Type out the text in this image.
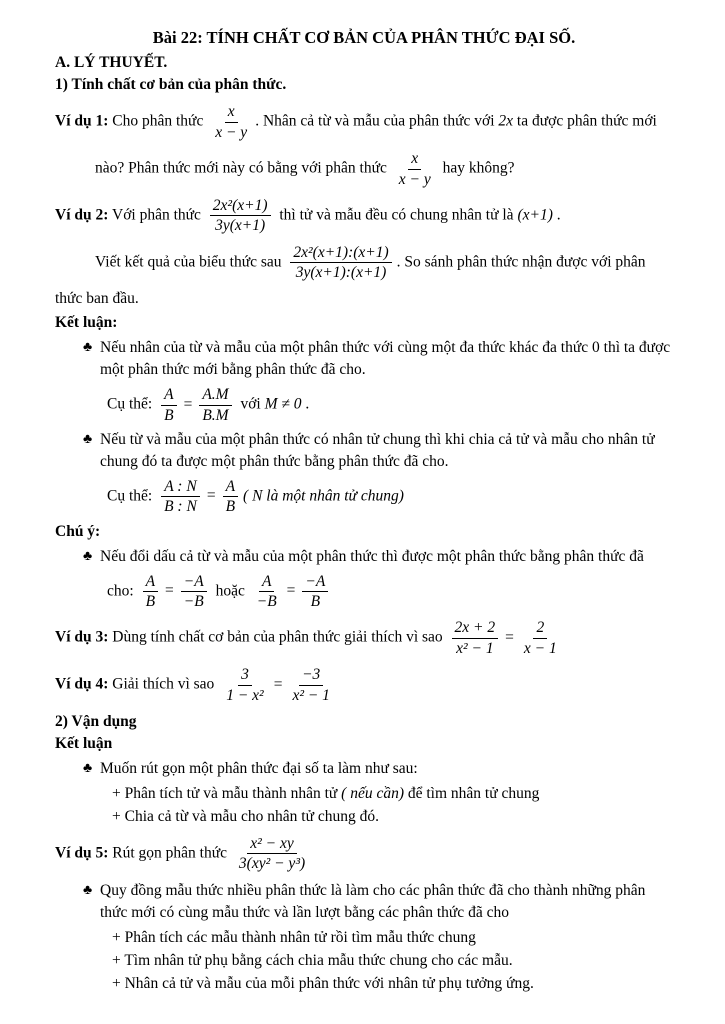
Bài 22: TÍNH CHẤT CƠ BẢN CỦA PHÂN THỨC ĐẠI SỐ.
A. LÝ THUYẾT.
1) Tính chất cơ bản của phân thức.
Ví dụ 1: Cho phân thức $\frac{x}{x - y}$ . Nhân cả từ và mẫu của phân thức với 2x ta được phân thức mới
nào? Phân thức mới này có bằng với phân thức $\frac{x}{x - y}$ hay không?
Ví dụ 2: Với phân thức $\frac{\text{2x²(x+1)}}{3y(x+1)}$ thì tử và mẫu đều có chung nhân tử là (x+1) .
Viết kết quả của biểu thức sau $\frac{\text{2x²(x+1):(x+1)}}{3y(x+1):(x+1)}$ . So sánh phân thức nhận được với phân
thức ban đầu.
Kết luận:
♣ Nếu nhân của từ và mẫu của một phân thức với cùng một đa thức khác đa thức 0 thì ta được một phân thức mới bằng phân thức đã cho.
Cụ thể: $\frac{A}{B} = \frac{A.M}{B.M}$ với M ≠ 0 .
♣ Nếu từ và mẫu của một phân thức có nhân tử chung thì khi chia cả tử và mẫu cho nhân tử chung đó ta được một phân thức bằng phân thức đã cho.
Cụ thể: $\frac{A : N}{B : N} = \frac{A}{B}$ ( N là một nhân tử chung)
Chú ý:
♣ Nếu đổi dấu cả từ và mẫu của một phân thức thì được một phân thức bằng phân thức đã
cho: $\frac{A}{B} = \frac{-A}{-B}$ hoặc $\frac{A}{-B} = \frac{-A}{B}$
Ví dụ 3: Dùng tính chất cơ bản của phân thức giải thích vì sao $\frac{2x + 2}{\text{x² − 1}} = \frac{2}{x - 1}$
Ví dụ 4: Giải thích vì sao $\frac{3}{\text{1 − x²}} = \frac{-3}{\text{x² − 1}}$
2) Vận dụng
Kết luận
♣ Muốn rút gọn một phân thức đại số ta làm như sau:
+ Phân tích tử và mẫu thành nhân tử ( nếu cần) để tìm nhân tử chung
+ Chia cả từ và mẫu cho nhân tử chung đó.
Ví dụ 5: Rút gọn phân thức $\frac{\text{x² − xy}}{\text{3(xy² − y³)}}$
♣ Quy đồng mẫu thức nhiều phân thức là làm cho các phân thức đã cho thành những phân thức mới có cùng mẫu thức và lần lượt bằng các phân thức đã cho
+ Phân tích các mẫu thành nhân tử rồi tìm mẫu thức chung
+ Tìm nhân tử phụ bằng cách chia mẫu thức chung cho các mẫu.
+ Nhân cả tử và mẫu của mỗi phân thức với nhân tử phụ tưởng ứng.
